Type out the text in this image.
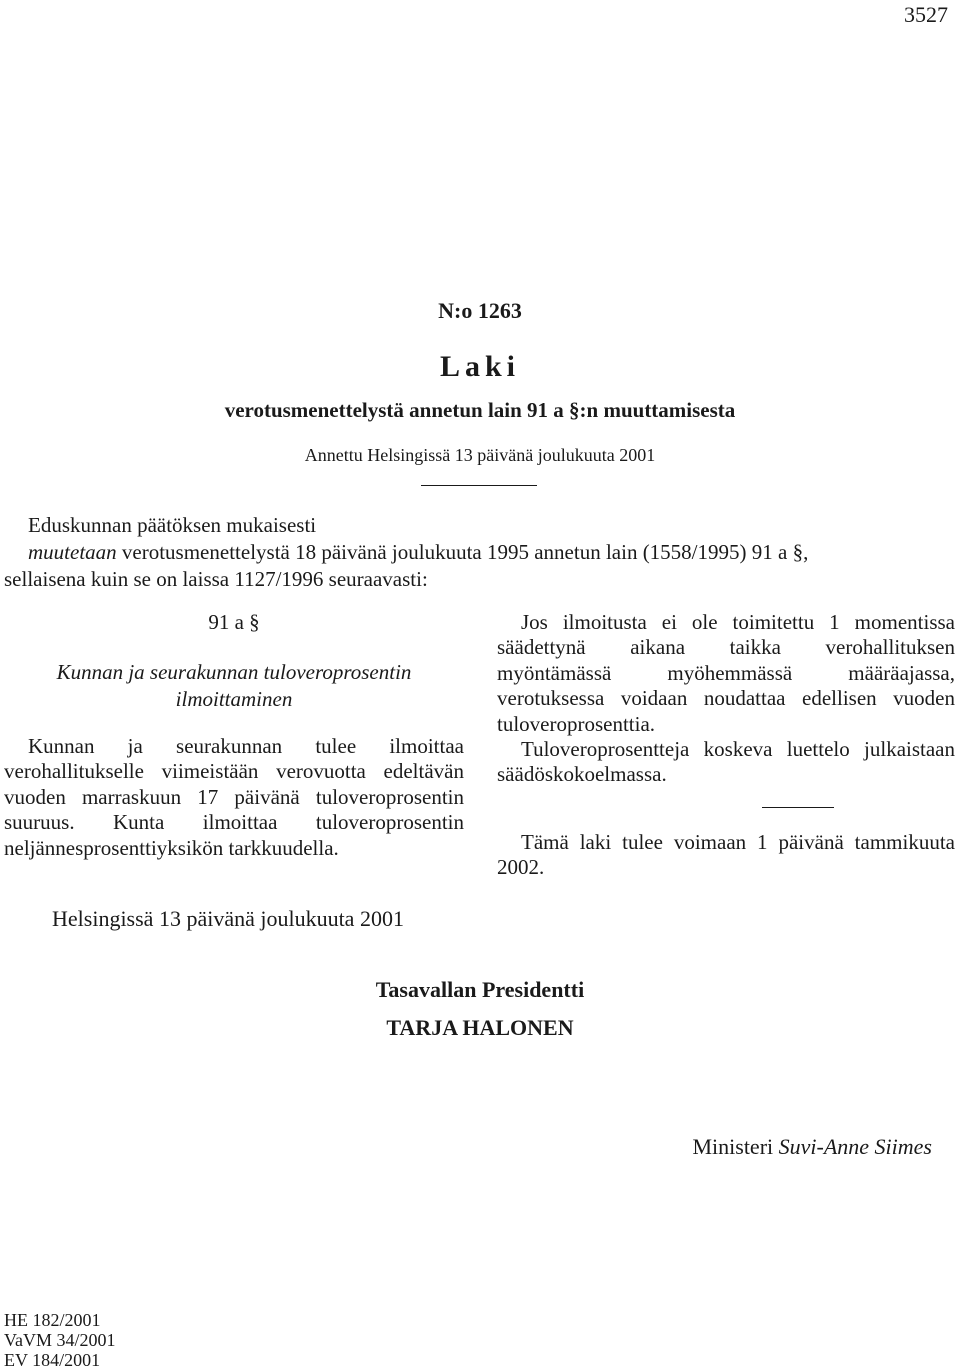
3527
N:o 1263
Laki
verotusmenettelystä annetun lain 91 a §:n muuttamisesta
Annettu Helsingissä 13 päivänä joulukuuta 2001
Eduskunnan päätöksen mukaisesti
muutetaan verotusmenettelystä 18 päivänä joulukuuta 1995 annetun lain (1558/1995) 91 a §,
sellaisena kuin se on laissa 1127/1996 seuraavasti:
91 a §
Kunnan ja seurakunnan tuloveroprosentin
ilmoittaminen

Kunnan ja seurakunnan tulee ilmoittaa verohallitukselle viimeistään verovuotta edeltävän vuoden marraskuun 17 päivänä tuloveroprosentin suuruus. Kunta ilmoittaa tuloveroprosentin neljännesprosenttiyksikön tarkkuudella.

Jos ilmoitusta ei ole toimitettu 1 momentissa säädettynä aikana taikka verohallituksen myöntämässä myöhemmässä määräajassa, verotuksessa voidaan noudattaa edellisen vuoden tuloveroprosenttia.

Tuloveroprosentteja koskeva luettelo julkaistaan säädöskokoelmassa.

Tämä laki tulee voimaan 1 päivänä tammikuuta 2002.

Helsingissä 13 päivänä joulukuuta 2001
Tasavallan Presidentti
TARJA HALONEN
Ministeri Suvi-Anne Siimes
HE 182/2001
VaVM 34/2001
EV 184/2001
